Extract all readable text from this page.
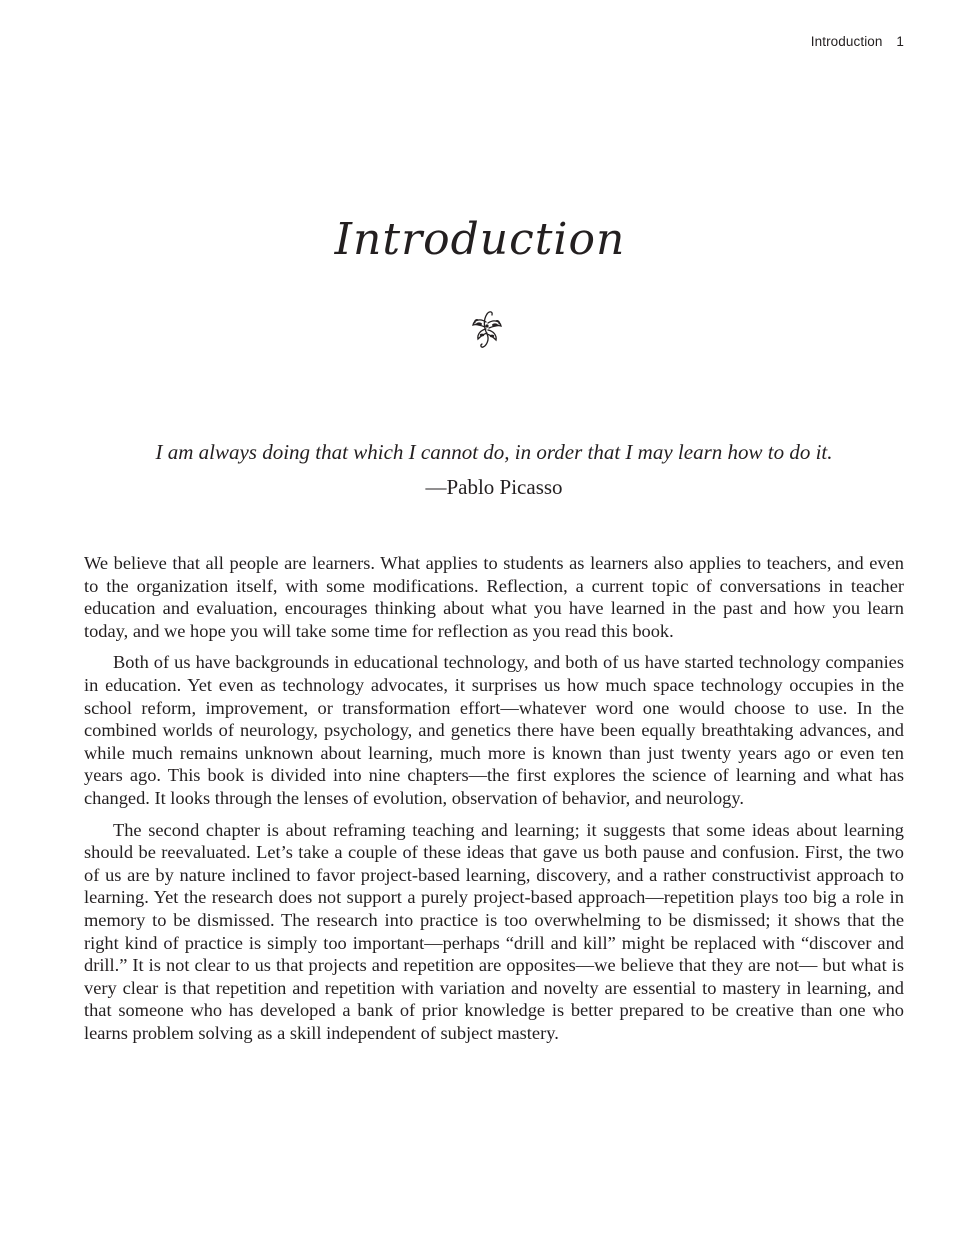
Introduction 1
Introduction
I am always doing that which I cannot do, in order that I may learn how to do it.
—Pablo Picasso

We believe that all people are learners. What applies to students as learners also applies to teachers, and even to the organization itself, with some modifications. Reflection, a current topic of conversations in teacher education and evaluation, encourages thinking about what you have learned in the past and how you learn today, and we hope you will take some time for reflection as you read this book.

Both of us have backgrounds in educational technology, and both of us have started technology companies in education. Yet even as technology advocates, it surprises us how much space technology occupies in the school reform, improvement, or transformation effort—whatever word one would choose to use. In the combined worlds of neurology, psychology, and genetics there have been equally breathtaking advances, and while much remains unknown about learning, much more is known than just twenty years ago or even ten years ago. This book is divided into nine chapters—the first explores the science of learning and what has changed. It looks through the lenses of evolution, observation of behavior, and neurology.

The second chapter is about reframing teaching and learning; it suggests that some ideas about learning should be reevaluated. Let’s take a couple of these ideas that gave us both pause and confusion. First, the two of us are by nature inclined to favor project-based learning, discovery, and a rather constructivist approach to learning. Yet the research does not support a purely project-based approach—repetition plays too big a role in memory to be dismissed. The research into practice is too overwhelming to be dismissed; it shows that the right kind of practice is simply too important—perhaps “drill and kill” might be replaced with “discover and drill.” It is not clear to us that projects and repetition are opposites—we believe that they are not— but what is very clear is that repetition and repetition with variation and novelty are essential to mastery in learning, and that someone who has developed a bank of prior knowledge is better prepared to be creative than one who learns problem solving as a skill independent of subject mastery.
